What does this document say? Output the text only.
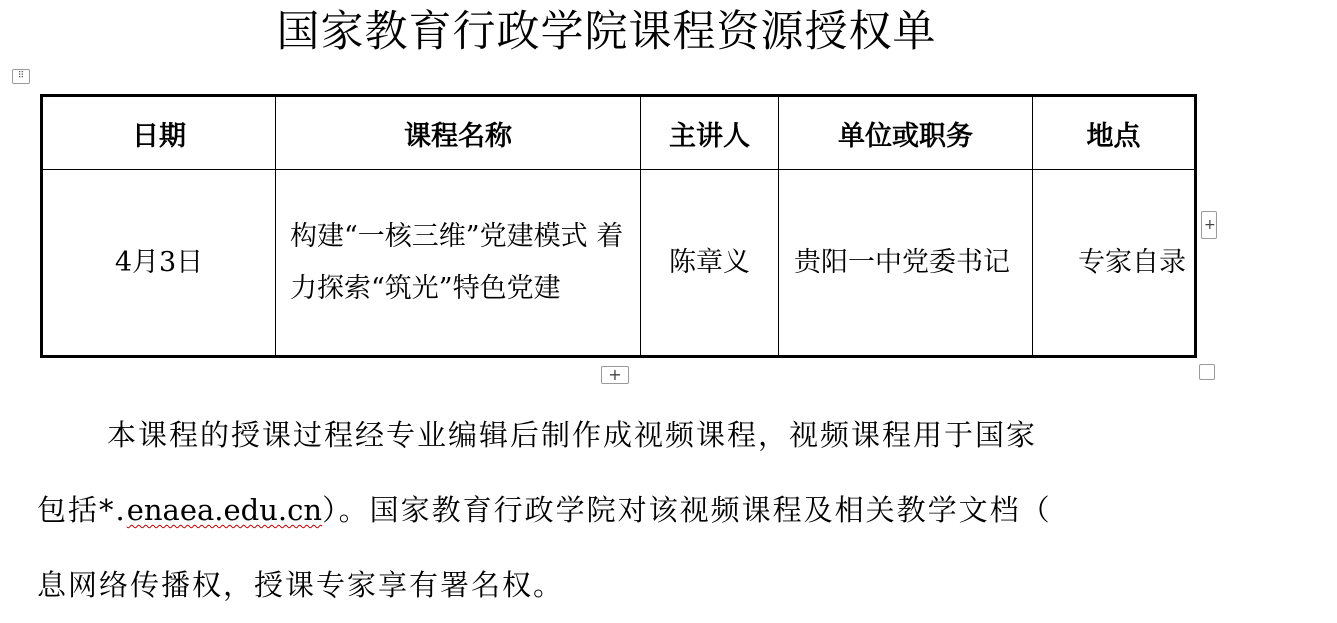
国家教育行政学院课程资源授权单
⠿
日期	课程名称	主讲人	单位或职务	地点
4月3日	构建“一核三维”党建模式 着力探索“筑光”特色党建	陈章义	贵阳一中党委书记	专家自录
+
+
本课程的授课过程经专业编辑后制作成视频课程，视频课程用于国家
包括*.enaea.edu.cn）。国家教育行政学院对该视频课程及相关教学文档（
息网络传播权，授课专家享有署名权。
